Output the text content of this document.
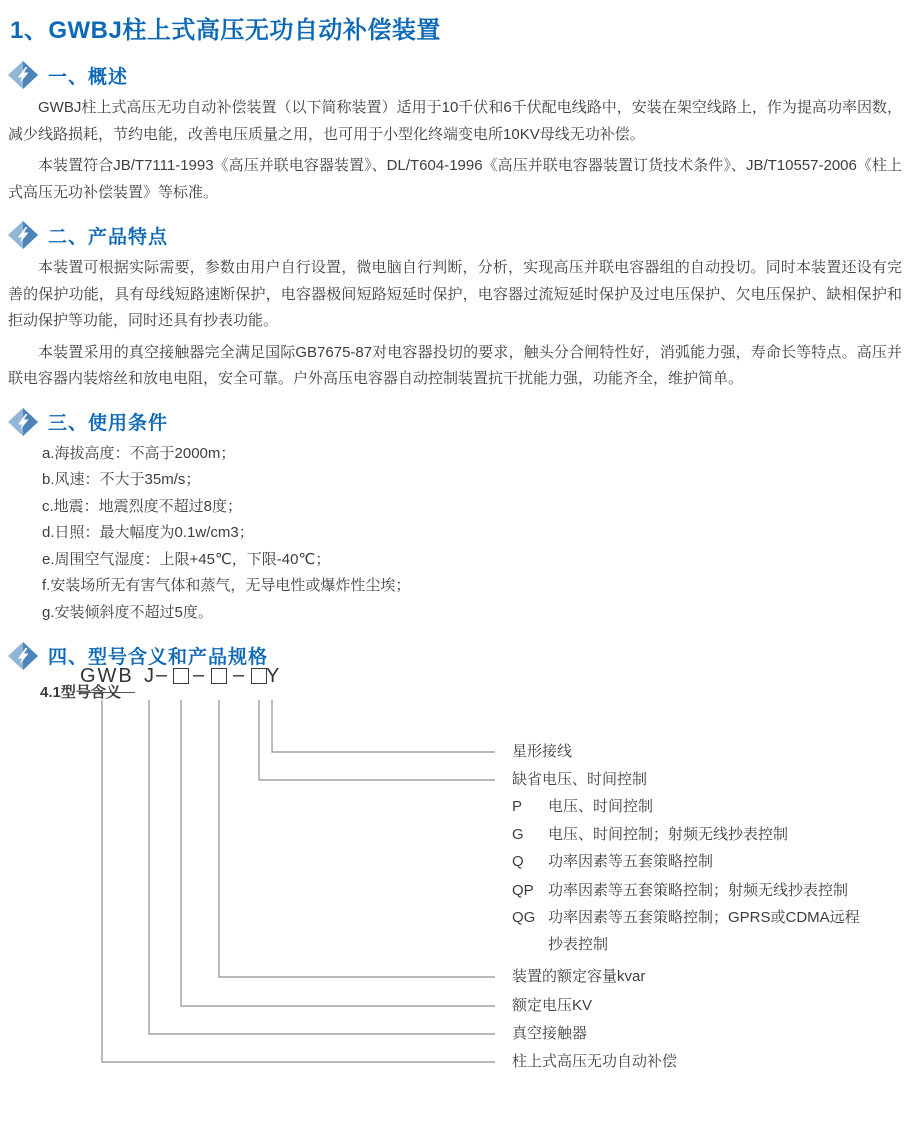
1、GWBJ柱上式高压无功自动补偿装置
一、概述

GWBJ柱上式高压无功自动补偿装置（以下简称装置）适用于10千伏和6千伏配电线路中，安装在架空线路上，作为提高功率因数，减少线路损耗，节约电能，改善电压质量之用，也可用于小型化终端变电所10KV母线无功补偿。

本装置符合JB/T7111-1993《高压并联电容器装置》、DL/T604-1996《高压并联电容器装置订货技术条件》、JB/T10557-2006《柱上式高压无功补偿装置》等标准。

二、产品特点

本装置可根据实际需要，参数由用户自行设置，微电脑自行判断，分析，实现高压并联电容器组的自动投切。同时本装置还设有完善的保护功能，具有母线短路速断保护，电容器极间短路短延时保护，电容器过流短延时保护及过电压保护、欠电压保护、缺相保护和拒动保护等功能，同时还具有抄表功能。

本装置采用的真空接触器完全满足国际GB7675-87对电容器投切的要求，触头分合闸特性好，消弧能力强，寿命长等特点。高压并联电容器内装熔丝和放电电阻，安全可靠。户外高压电容器自动控制装置抗干扰能力强，功能齐全，维护简单。

三、使用条件
a.海拔高度：不高于2000m；
b.风速：不大于35m/s；
c.地震：地震烈度不超过8度；
d.日照：最大幅度为0.1w/cm3；
e.周围空气湿度：上限+45℃，下限-40℃；
f.安装场所无有害气体和蒸气，无导电性或爆炸性尘埃；
g.安装倾斜度不超过5度。
四、型号含义和产品规格
4.1型号含义
GWB J – – – Y
星形接线
缺省电压、时间控制
装置的额定容量kvar
额定电压KV
真空接触器
柱上式高压无功自动补偿
P 电压、时间控制
G 电压、时间控制；射频无线抄表控制
Q 功率因素等五套策略控制
QP 功率因素等五套策略控制；射频无线抄表控制
QG 功率因素等五套策略控制；GPRS或CDMA远程
抄表控制
